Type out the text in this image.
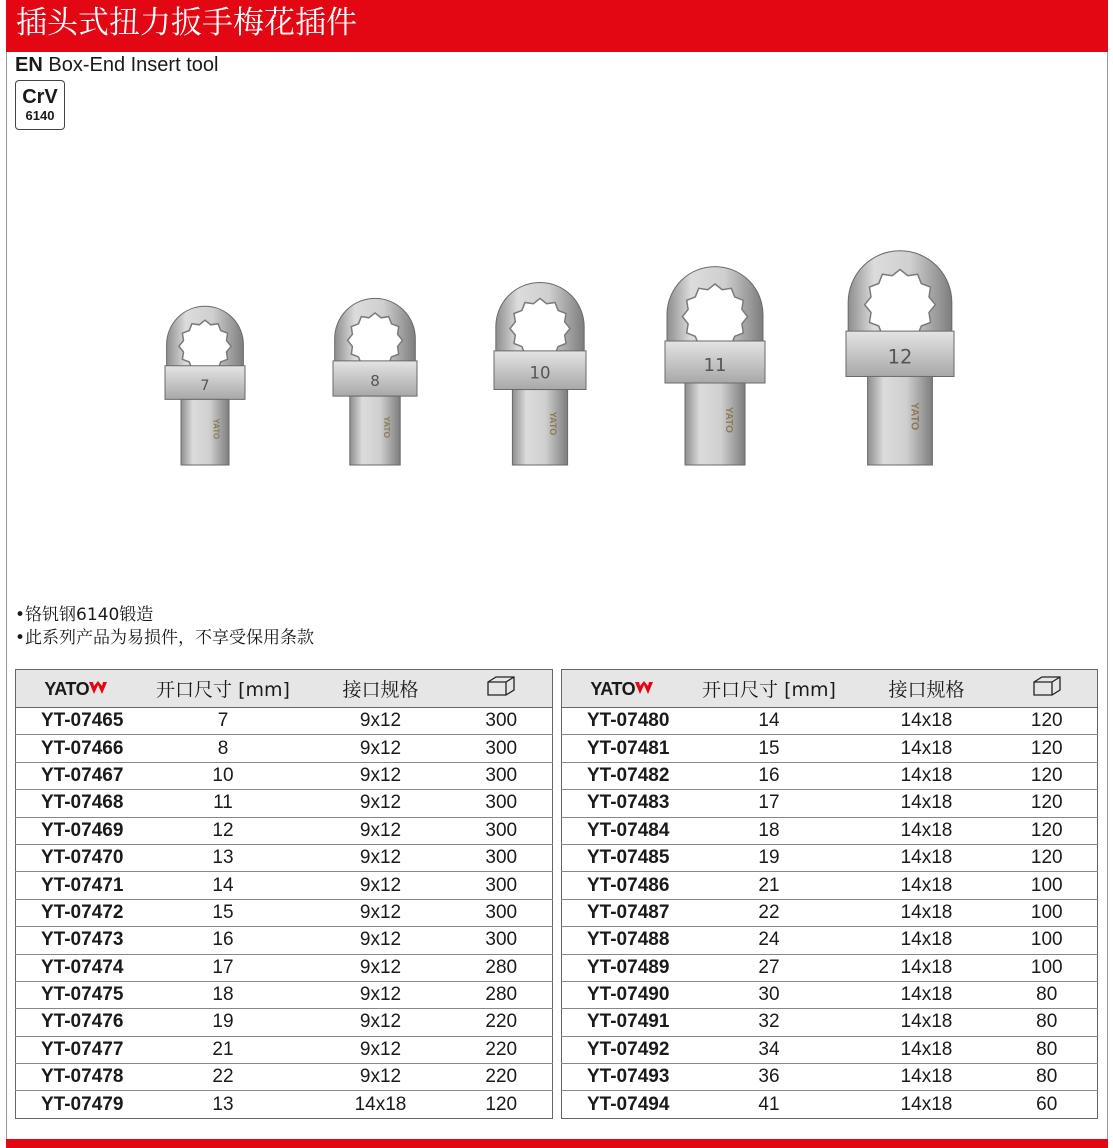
插头式扭力扳手梅花插件
EN Box-End Insert tool
CrV
6140
7
YATO
8
YATO
10
YATO
11
YATO
12
YATO
•铬钒钢6140锻造
•此系列产品为易损件，不享受保用条款
YATO	开口尺寸 [mm]	接口规格	
YT-07465	7	9x12	300
YT-07466	8	9x12	300
YT-07467	10	9x12	300
YT-07468	11	9x12	300
YT-07469	12	9x12	300
YT-07470	13	9x12	300
YT-07471	14	9x12	300
YT-07472	15	9x12	300
YT-07473	16	9x12	300
YT-07474	17	9x12	280
YT-07475	18	9x12	280
YT-07476	19	9x12	220
YT-07477	21	9x12	220
YT-07478	22	9x12	220
YT-07479	13	14x18	120
YATO	开口尺寸 [mm]	接口规格	
YT-07480	14	14x18	120
YT-07481	15	14x18	120
YT-07482	16	14x18	120
YT-07483	17	14x18	120
YT-07484	18	14x18	120
YT-07485	19	14x18	120
YT-07486	21	14x18	100
YT-07487	22	14x18	100
YT-07488	24	14x18	100
YT-07489	27	14x18	100
YT-07490	30	14x18	80
YT-07491	32	14x18	80
YT-07492	34	14x18	80
YT-07493	36	14x18	80
YT-07494	41	14x18	60
